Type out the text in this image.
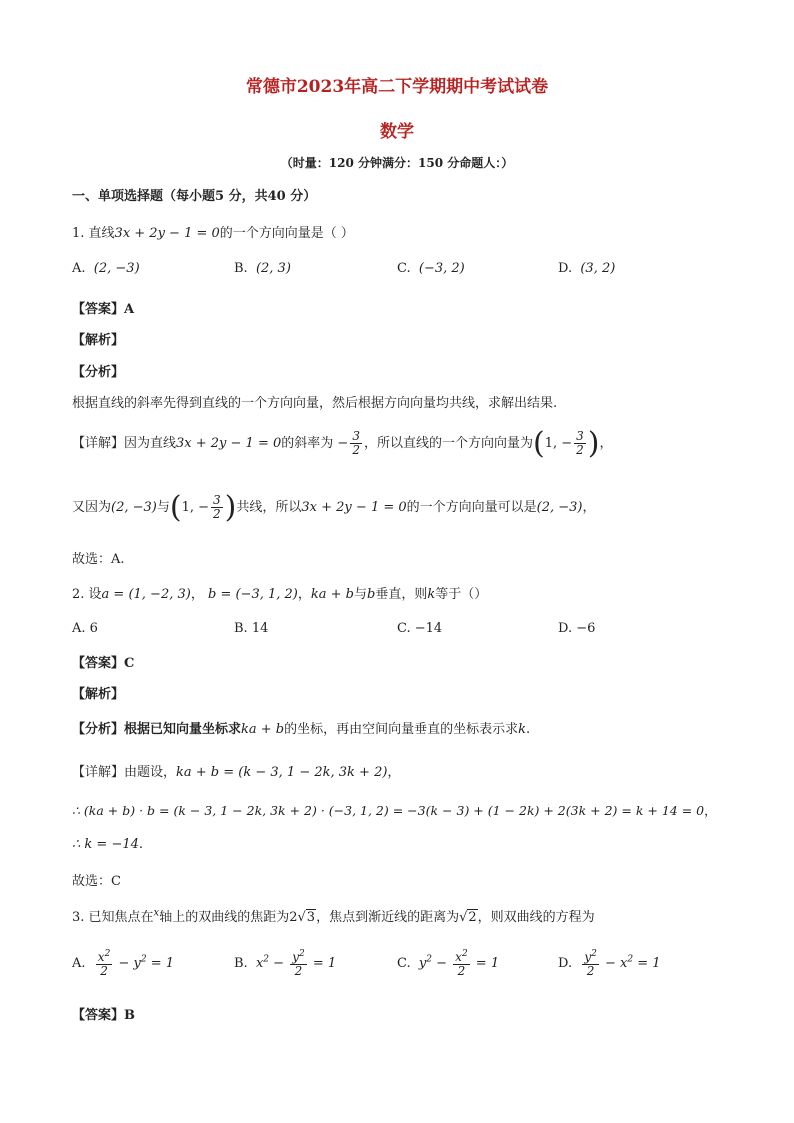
常德市2023年高二下学期期中考试试卷
数学
（时量：120 分钟满分：150 分命题人：）
一、单项选择题（每小题5 分，共40 分）
1. 直线3x + 2y − 1 = 0的一个方向向量是（ ）
A. (2, −3)	B. (2, 3)	C. (−3, 2)	D. (3, 2)
【答案】A
【解析】
【分析】
根据直线的斜率先得到直线的一个方向向量，然后根据方向向量均共线，求解出结果.
【详解】因为直线3x + 2y − 1 = 0的斜率为 − $\frac{3}{2}$ ，所以直线的一个方向向量为(1, − $\frac{3}{2}$ )，
又因为(2, −3)与(1, − $\frac{3}{2}$ )共线，所以3x + 2y − 1 = 0的一个方向向量可以是(2, −3)，
故选：A.
2. 设a = (1, −2, 3)， b = (−3, 1, 2)，ka + b与b垂直，则k等于（）
A. 6	B. 14	C. −14	D. −6
【答案】C
【解析】
【分析】根据已知向量坐标求ka + b的坐标，再由空间向量垂直的坐标表示求k.
【详解】由题设，ka + b = (k − 3, 1 − 2k, 3k + 2)，
∴ (ka + b) · b = (k − 3, 1 − 2k, 3k + 2) · (−3, 1, 2) = −3(k − 3) + (1 − 2k) + 2(3k + 2) = k + 14 = 0，
∴ k = −14.
故选：C
3. 已知焦点在$^x$轴上的双曲线的焦距为2√3，焦点到渐近线的距离为√2，则双曲线的方程为
A. $\frac{x^2}{2} - y^2 = 1$	B. $x^2 - \frac{y^2}{2} = 1$	C. $y^2 - \frac{x^2}{2} = 1$	D. $\frac{y^2}{2} - x^2 = 1$
【答案】B
